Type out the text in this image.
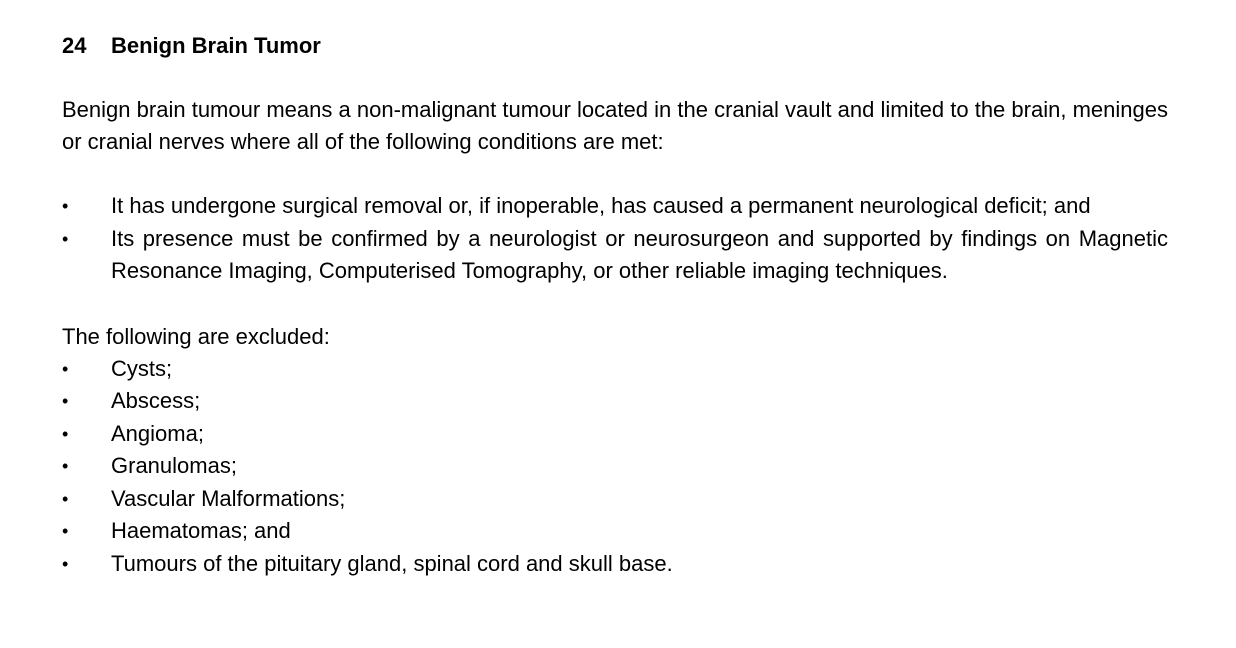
24	Benign Brain Tumor

Benign brain tumour means a non-malignant tumour located in the cranial vault and limited to the brain, meninges or cranial nerves where all of the following conditions are met:

• It has undergone surgical removal or, if inoperable, has caused a permanent neurological deficit; and
• Its presence must be confirmed by a neurologist or neurosurgeon and supported by findings on Magnetic Resonance Imaging, Computerised Tomography, or other reliable imaging techniques.

The following are excluded:

• Cysts;
• Abscess;
• Angioma;
• Granulomas;
• Vascular Malformations;
• Haematomas; and
• Tumours of the pituitary gland, spinal cord and skull base.
